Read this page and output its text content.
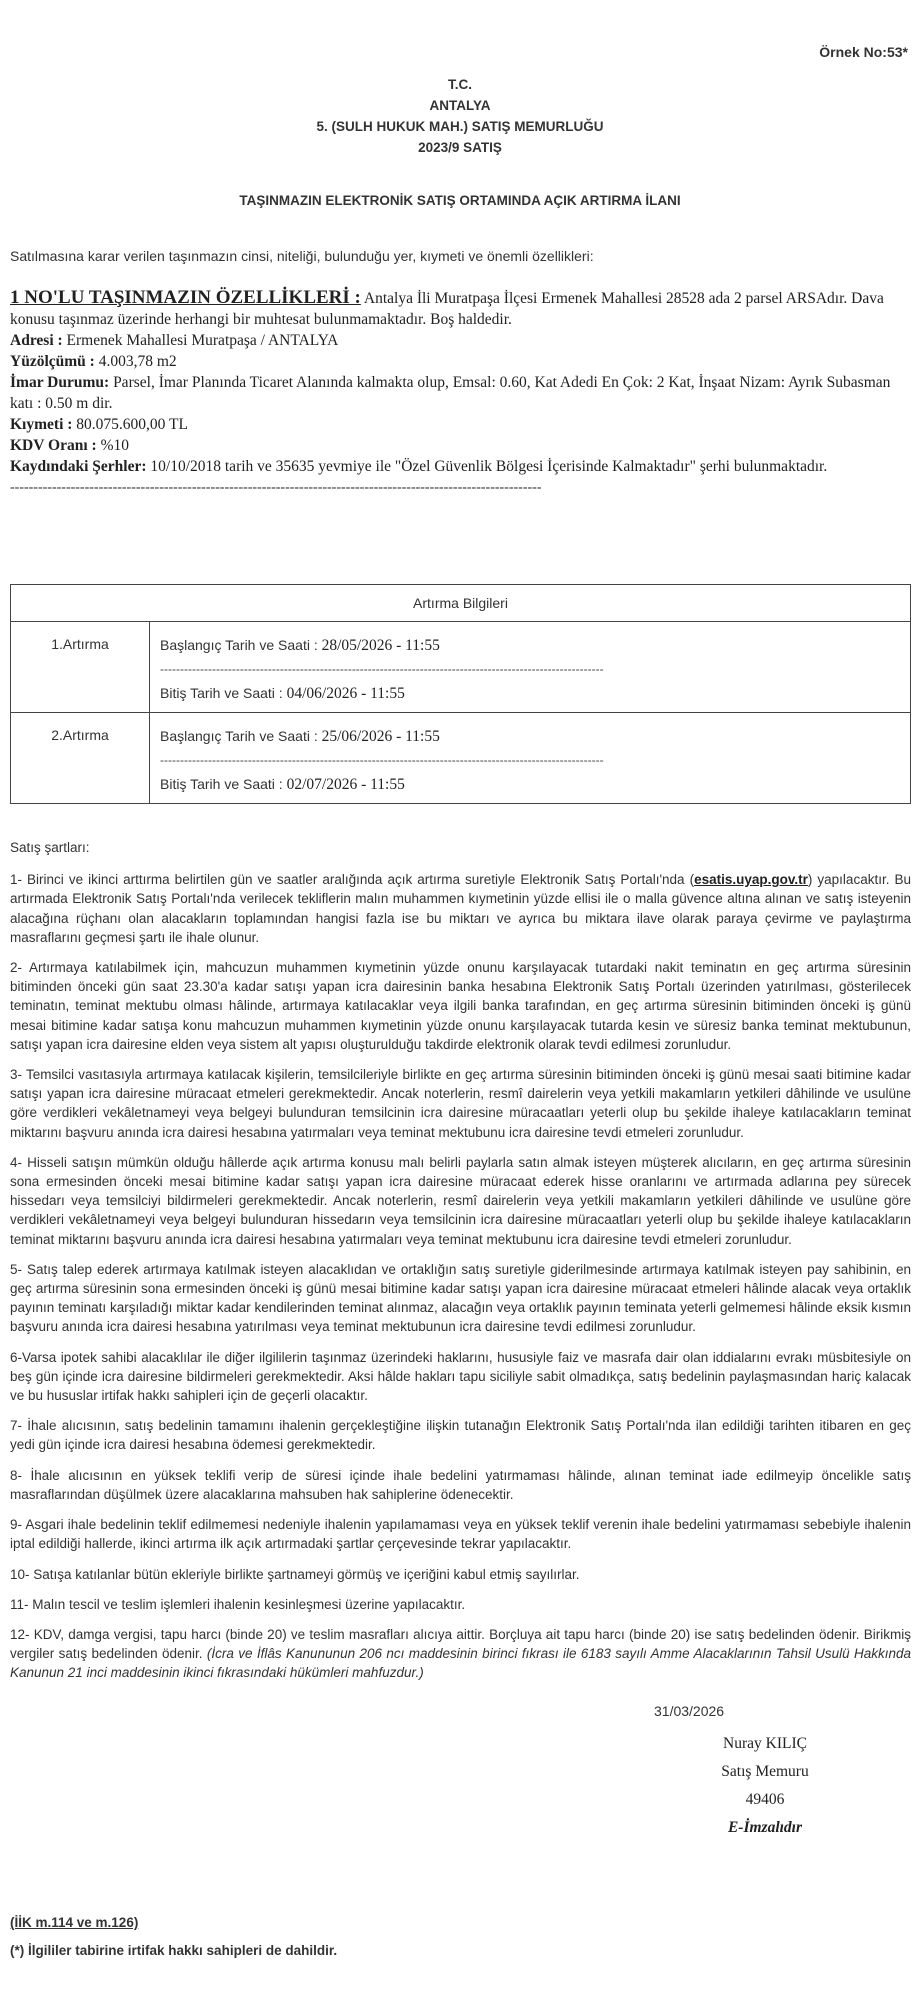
Örnek No:53*
T.C.
ANTALYA
5. (SULH HUKUK MAH.) SATIŞ MEMURLUĞU
2023/9 SATIŞ
TAŞINMAZIN ELEKTRONİK SATIŞ ORTAMINDA AÇIK ARTIRMA İLANI
Satılmasına karar verilen taşınmazın cinsi, niteliği, bulunduğu yer, kıymeti ve önemli özellikleri:
1 NO'LU TAŞINMAZIN ÖZELLİKLERİ : Antalya İli Muratpaşa İlçesi Ermenek Mahallesi 28528 ada 2 parsel ARSAdır. Dava konusu taşınmaz üzerinde herhangi bir muhtesat bulunmamaktadır. Boş haldedir.
Adresi : Ermenek Mahallesi Muratpaşa / ANTALYA
Yüzölçümü : 4.003,78 m2
İmar Durumu: Parsel, İmar Planında Ticaret Alanında kalmakta olup, Emsal: 0.60, Kat Adedi En Çok: 2 Kat, İnşaat Nizam: Ayrık Subasman katı : 0.50 m dir.
Kıymeti : 80.075.600,00 TL
KDV Oranı : %10
Kaydındaki Şerhler: 10/10/2018 tarih ve 35635 yevmiye ile "Özel Güvenlik Bölgesi İçerisinde Kalmaktadır" şerhi bulunmaktadır.
------------------------------------------------------------------------------------------------------------------
Artırma Bilgileri	
1.Artırma	Başlangıç Tarih ve Saati : 28/05/2026 - 11:55
---------------------------------------------------------------------------------------------------------------
Bitiş Tarih ve Saati : 04/06/2026 - 11:55

2.Artırma	Başlangıç Tarih ve Saati : 25/06/2026 - 11:55
---------------------------------------------------------------------------------------------------------------
Bitiş Tarih ve Saati : 02/07/2026 - 11:55

Satış şartları:

1- Birinci ve ikinci arttırma belirtilen gün ve saatler aralığında açık artırma suretiyle Elektronik Satış Portalı'nda (esatis.uyap.gov.tr) yapılacaktır. Bu artırmada Elektronik Satış Portalı'nda verilecek tekliflerin malın muhammen kıymetinin yüzde ellisi ile o malla güvence altına alınan ve satış isteyenin alacağına rüçhanı olan alacakların toplamından hangisi fazla ise bu miktarı ve ayrıca bu miktara ilave olarak paraya çevirme ve paylaştırma masraflarını geçmesi şartı ile ihale olunur.

2- Artırmaya katılabilmek için, mahcuzun muhammen kıymetinin yüzde onunu karşılayacak tutardaki nakit teminatın en geç artırma süresinin bitiminden önceki gün saat 23.30'a kadar satışı yapan icra dairesinin banka hesabına Elektronik Satış Portalı üzerinden yatırılması, gösterilecek teminatın, teminat mektubu olması hâlinde, artırmaya katılacaklar veya ilgili banka tarafından, en geç artırma süresinin bitiminden önceki iş günü mesai bitimine kadar satışa konu mahcuzun muhammen kıymetinin yüzde onunu karşılayacak tutarda kesin ve süresiz banka teminat mektubunun, satışı yapan icra dairesine elden veya sistem alt yapısı oluşturulduğu takdirde elektronik olarak tevdi edilmesi zorunludur.

3- Temsilci vasıtasıyla artırmaya katılacak kişilerin, temsilcileriyle birlikte en geç artırma süresinin bitiminden önceki iş günü mesai saati bitimine kadar satışı yapan icra dairesine müracaat etmeleri gerekmektedir. Ancak noterlerin, resmî dairelerin veya yetkili makamların yetkileri dâhilinde ve usulüne göre verdikleri vekâletnameyi veya belgeyi bulunduran temsilcinin icra dairesine müracaatları yeterli olup bu şekilde ihaleye katılacakların teminat miktarını başvuru anında icra dairesi hesabına yatırmaları veya teminat mektubunu icra dairesine tevdi etmeleri zorunludur.

4- Hisseli satışın mümkün olduğu hâllerde açık artırma konusu malı belirli paylarla satın almak isteyen müşterek alıcıların, en geç artırma süresinin sona ermesinden önceki mesai bitimine kadar satışı yapan icra dairesine müracaat ederek hisse oranlarını ve artırmada adlarına pey sürecek hissedarı veya temsilciyi bildirmeleri gerekmektedir. Ancak noterlerin, resmî dairelerin veya yetkili makamların yetkileri dâhilinde ve usulüne göre verdikleri vekâletnameyi veya belgeyi bulunduran hissedarın veya temsilcinin icra dairesine müracaatları yeterli olup bu şekilde ihaleye katılacakların teminat miktarını başvuru anında icra dairesi hesabına yatırmaları veya teminat mektubunu icra dairesine tevdi etmeleri zorunludur.

5- Satış talep ederek artırmaya katılmak isteyen alacaklıdan ve ortaklığın satış suretiyle giderilmesinde artırmaya katılmak isteyen pay sahibinin, en geç artırma süresinin sona ermesinden önceki iş günü mesai bitimine kadar satışı yapan icra dairesine müracaat etmeleri hâlinde alacak veya ortaklık payının teminatı karşıladığı miktar kadar kendilerinden teminat alınmaz, alacağın veya ortaklık payının teminata yeterli gelmemesi hâlinde eksik kısmın başvuru anında icra dairesi hesabına yatırılması veya teminat mektubunun icra dairesine tevdi edilmesi zorunludur.

6-Varsa ipotek sahibi alacaklılar ile diğer ilgililerin taşınmaz üzerindeki haklarını, hususiyle faiz ve masrafa dair olan iddialarını evrakı müsbitesiyle on beş gün içinde icra dairesine bildirmeleri gerekmektedir. Aksi hâlde hakları tapu siciliyle sabit olmadıkça, satış bedelinin paylaşmasından hariç kalacak ve bu hususlar irtifak hakkı sahipleri için de geçerli olacaktır.

7- İhale alıcısının, satış bedelinin tamamını ihalenin gerçekleştiğine ilişkin tutanağın Elektronik Satış Portalı'nda ilan edildiği tarihten itibaren en geç yedi gün içinde icra dairesi hesabına ödemesi gerekmektedir.

8- İhale alıcısının en yüksek teklifi verip de süresi içinde ihale bedelini yatırmaması hâlinde, alınan teminat iade edilmeyip öncelikle satış masraflarından düşülmek üzere alacaklarına mahsuben hak sahiplerine ödenecektir.

9- Asgari ihale bedelinin teklif edilmemesi nedeniyle ihalenin yapılamaması veya en yüksek teklif verenin ihale bedelini yatırmaması sebebiyle ihalenin iptal edildiği hallerde, ikinci artırma ilk açık artırmadaki şartlar çerçevesinde tekrar yapılacaktır.

10- Satışa katılanlar bütün ekleriyle birlikte şartnameyi görmüş ve içeriğini kabul etmiş sayılırlar.

11- Malın tescil ve teslim işlemleri ihalenin kesinleşmesi üzerine yapılacaktır.

12- KDV, damga vergisi, tapu harcı (binde 20) ve teslim masrafları alıcıya aittir. Borçluya ait tapu harcı (binde 20) ise satış bedelinden ödenir. Birikmiş vergiler satış bedelinden ödenir. (İcra ve İflâs Kanununun 206 ncı maddesinin birinci fıkrası ile 6183 sayılı Amme Alacaklarının Tahsil Usulü Hakkında Kanunun 21 inci maddesinin ikinci fıkrasındaki hükümleri mahfuzdur.)

31/03/2026
Nuray KILIÇ
Satış Memuru
49406
E-İmzalıdır
(İİK m.114 ve m.126)
(*) İlgililer tabirine irtifak hakkı sahipleri de dahildir.
